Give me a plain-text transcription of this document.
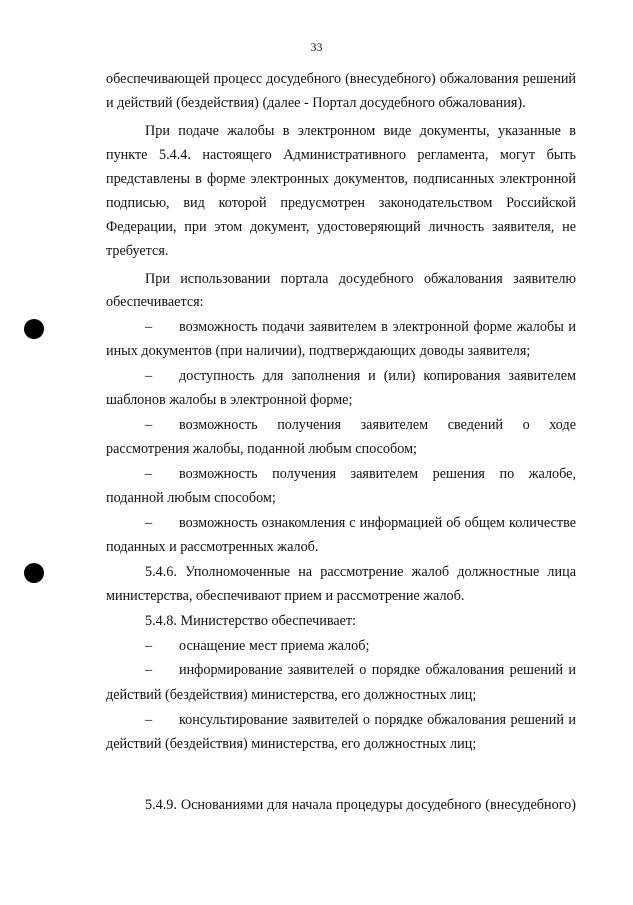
33
обеспечивающей процесс досудебного (внесудебного) обжалования решений
и действий (бездействия) (далее - Портал досудебного обжалования).
При подаче жалобы в электронном виде документы, указанные в
пункте 5.4.4. настоящего Административного регламента, могут быть
представлены в форме электронных документов, подписанных электронной
подписью, вид которой предусмотрен законодательством Российской
Федерации, при этом документ, удостоверяющий личность заявителя, не
требуется.
При использовании портала досудебного обжалования заявителю
обеспечивается:
– возможность подачи заявителем в электронной форме жалобы и
иных документов (при наличии), подтверждающих доводы заявителя;
– доступность для заполнения и (или) копирования заявителем
шаблонов жалобы в электронной форме;
– возможность получения заявителем сведений о ходе
рассмотрения жалобы, поданной любым способом;
– возможность получения заявителем решения по жалобе,
поданной любым способом;
– возможность ознакомления с информацией об общем количестве
поданных и рассмотренных жалоб.
5.4.6. Уполномоченные на рассмотрение жалоб должностные лица
министерства, обеспечивают прием и рассмотрение жалоб.
5.4.8. Министерство обеспечивает:
– оснащение мест приема жалоб;
– информирование заявителей о порядке обжалования решений и
действий (бездействия) министерства, его должностных лиц;
– консультирование заявителей о порядке обжалования решений и
действий (бездействия) министерства, его должностных лиц;
5.4.9. Основаниями для начала процедуры досудебного (внесудебного)
